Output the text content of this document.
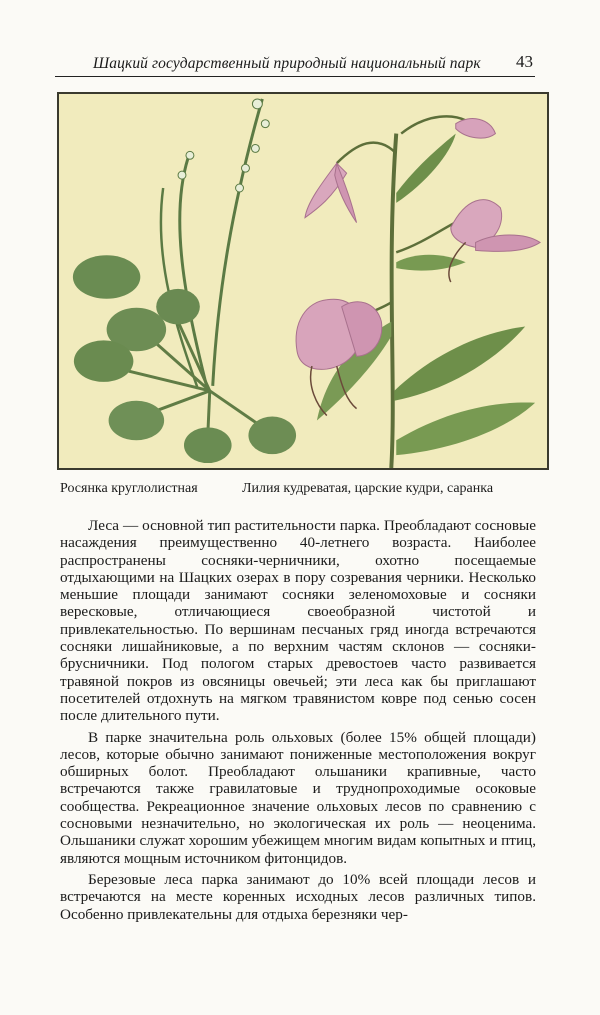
Шацкий государственный природный национальный парк 43
Росянка круглолистная	Лилия кудреватая, царские кудри, саранка

Леса — основной тип растительности парка. Преобладают сосновые насаждения преимущественно 40-летнего возраста. Наиболее распространены сосняки-черничники, охотно посещаемые отдыхающими на Шацких озерах в пору созревания черники. Несколько меньшие площади занимают сосняки зеленомоховые и сосняки вересковые, отличающиеся своеобразной чистотой и привлекательностью. По вершинам песчаных гряд иногда встречаются сосняки лишайниковые, а по верхним частям склонов — сосняки-брусничники. Под пологом старых древостоев часто развивается травяной покров из овсяницы овечьей; эти леса как бы приглашают посетителей отдохнуть на мягком травянистом ковре под сенью сосен после длительного пути.

В парке значительна роль ольховых (более 15% общей площади) лесов, которые обычно занимают пониженные местоположения вокруг обширных болот. Преобладают ольшаники крапивные, часто встречаются также гравилатовые и труднопроходимые осоковые сообщества. Рекреационное значение ольховых лесов по сравнению с сосновыми незначительно, но экологическая их роль — неоценима. Ольшаники служат хорошим убежищем многим видам копытных и птиц, являются мощным источником фитонцидов.

Березовые леса парка занимают до 10% всей площади лесов и встречаются на месте коренных исходных лесов различных типов. Особенно привлекательны для отдыха березняки чер-
